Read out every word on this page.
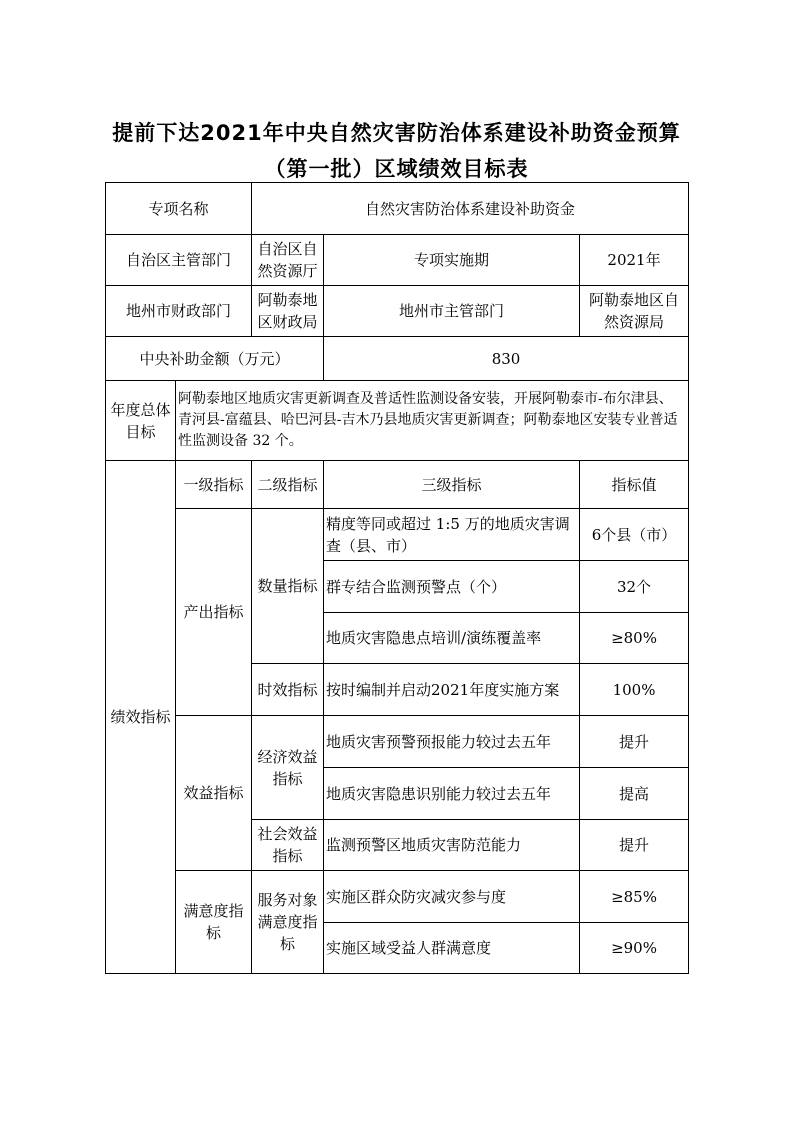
提前下达2021年中央自然灾害防治体系建设补助资金预算
（第一批）区域绩效目标表
专项名称		自然灾害防治体系建设补助资金		
自治区主管部门		自治区自然资源厅	专项实施期	2021年
地州市财政部门		阿勒泰地区财政局	地州市主管部门	阿勒泰地区自然资源局
中央补助金额（万元）			830	
年度总体目标	阿勒泰地区地质灾害更新调查及普适性监测设备安装，开展阿勒泰市-布尔津县、青河县-富蕴县、哈巴河县-吉木乃县地质灾害更新调查；阿勒泰地区安装专业普适性监测设备 32 个。			
绩效指标	一级指标	二级指标	三级指标	指标值
	产出指标	数量指标	精度等同或超过 1:5 万的地质灾害调查（县、市）	6个县（市）
			群专结合监测预警点（个）	32个
			地质灾害隐患点培训/演练覆盖率	≥80%
		时效指标	按时编制并启动2021年度实施方案	100%
	效益指标	经济效益指标	地质灾害预警预报能力较过去五年	提升
			地质灾害隐患识别能力较过去五年	提高
		社会效益指标	监测预警区地质灾害防范能力	提升
	满意度指标	服务对象满意度指标	实施区群众防灾减灾参与度	≥85%
			实施区域受益人群满意度	≥90%
